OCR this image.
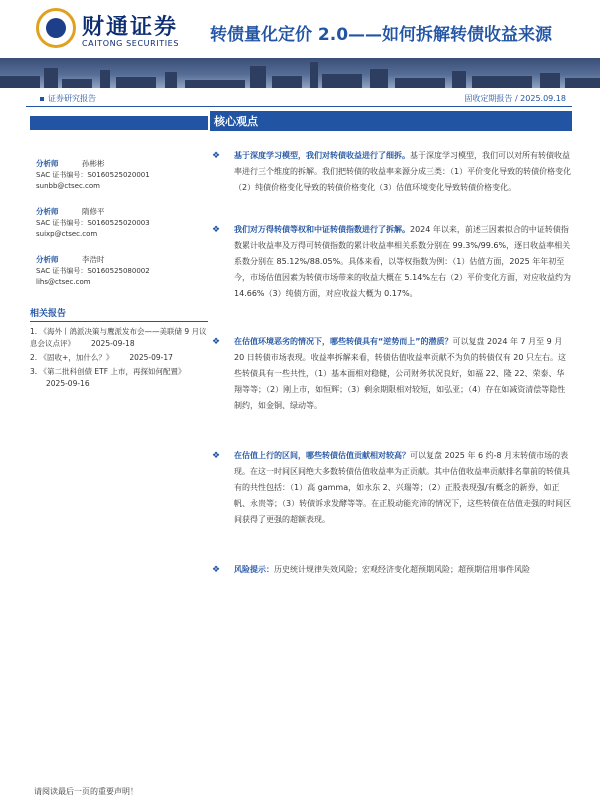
财通证券
CAITONG SECURITIES 转债量化定价 2.0——如何拆解转债收益来源
证券研究报告	固收定期报告 / 2025.09.18
分析师	孙彬彬
SAC 证书编号：S0160525020001
sunbb@ctsec.com
分析师	隋修平
SAC 证书编号：S0160525020003
suixp@ctsec.com
分析师	李浩时
SAC 证书编号：S0160525080002
lihs@ctsec.com
相关报告
1. 《海外丨鸽派决策与鹰派发布会——美联储 9 月议息会议点评》 2025-09-18
2. 《固收+，加什么？》 2025-09-17
3. 《第二批科创债 ETF 上市，再探如何配置》2025-09-16
核心观点
❖ 基于深度学习模型，我们对转债收益进行了细拆。基于深度学习模型，我们可以对所有转债收益率进行三个维度的拆解。我们把转债的收益率来源分成三类：（1）平价变化导致的转债价格变化（2）纯债价格变化导致的转债价格变化（3）估值环境变化导致转债价格变化。
❖ 我们对万得转债等权和中证转债指数进行了拆解。2024 年以来，前述三因素拟合的中证转债指数累计收益率及万得可转债指数的累计收益率相关系数分别在 99.3%/99.6%，逐日收益率相关系数分别在 85.12%/88.05%。具体来看，以等权指数为例：（1）估值方面，2025 年年初至今，市场估值因素为转债市场带来的收益大概在 5.14%左右（2）平价变化方面，对应收益约为 14.66%（3）纯债方面，对应收益大概为 0.17%。
❖ 在估值环境恶劣的情况下，哪些转债具有“逆势而上”的潜质？可以复盘 2024 年 7 月至 9 月 20 日转债市场表现。收益率拆解来看，转债估值收益率贡献不为负的转债仅有 20 只左右。这些转债具有一些共性，（1）基本面相对稳健，公司财务状况良好，如福 22、隆 22、荣泰、华翔等等；（2）刚上市，如恒辉；（3）剩余期限相对较短，如弘亚；（4）存在如减资清偿等隐性制约，如金铜、绿动等。
❖ 在估值上行的区间，哪些转债估值贡献相对较高？可以复盘 2025 年 6 约-8 月末转债市场的表现。在这一时间区间绝大多数转债估值收益率为正贡献。其中估值收益率贡献排名靠前的转债具有的共性包括：（1）高 gamma，如永东 2、兴瑞等；（2）正股表现强/有概念的新券，如正帆、永贵等；（3）转债诉求发酵等等。在正股动能充沛的情况下，这些转债在估值走强的时间区间获得了更强的超额表现。
❖ 风险提示：历史统计规律失效风险；宏观经济变化超预期风险；超预期信用事件风险
请阅读最后一页的重要声明！
